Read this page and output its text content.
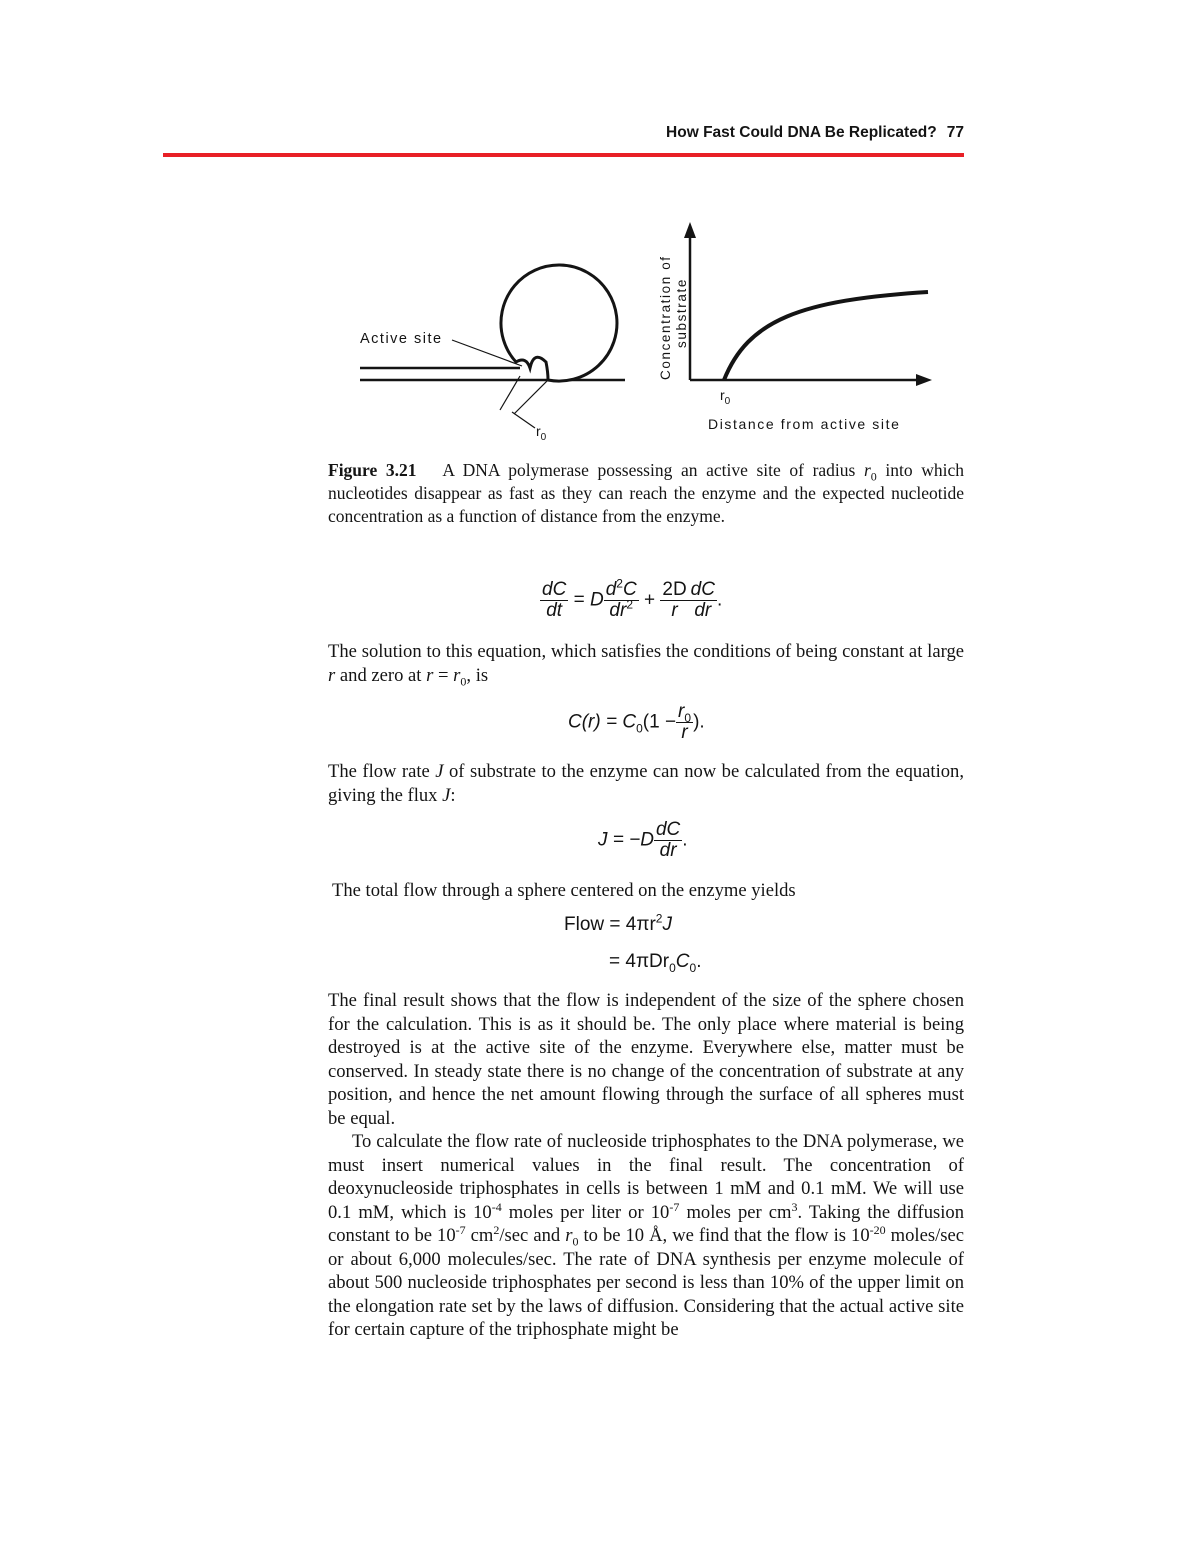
How Fast Could DNA Be Replicated? 77
Active site
$r_0$
Concentration of substrate
$r_0$
Distance from active site
Figure 3.21 A DNA polymerase possessing an active site of radius $r_0$ into which nucleotides disappear as fast as they can reach the enzyme and the expected nucleotide concentration as a function of distance from the enzyme.
$\frac{dC}{dt} = D \frac{d^2C}{dr^2} + \frac{2D}{r} \frac{dC}{dr}$ .
The solution to this equation, which satisfies the conditions of being constant at large r and zero at $r = r_0$, is
$C(r) = C_0(1 - \frac{r_0}{r}$ ).
The flow rate J of substrate to the enzyme can now be calculated from the equation, giving the flux J:
$J = -D \frac{dC}{dr}$ .
The total flow through a sphere centered on the enzyme yields
Flow = $4\pi r^2J$
= $4\pi Dr_0C_0$.
The final result shows that the flow is independent of the size of the sphere chosen for the calculation. This is as it should be. The only place where material is being destroyed is at the active site of the enzyme. Everywhere else, matter must be conserved. In steady state there is no change of the concentration of substrate at any position, and hence the net amount flowing through the surface of all spheres must be equal.
To calculate the flow rate of nucleoside triphosphates to the DNA polymerase, we must insert numerical values in the final result. The concentration of deoxynucleoside triphosphates in cells is between 1 mM and 0.1 mM. We will use 0.1 mM, which is $10^{-4}$ moles per liter or $10^{-7}$ moles per $cm^3$. Taking the diffusion constant to be $10^{-7}$ $cm^2/\sec$ and $r_0$ to be 10 Å, we find that the flow is $10^{-20}$ moles/sec or about 6,000 molecules/sec. The rate of DNA synthesis per enzyme molecule of about 500 nucleoside triphosphates per second is less than 10% of the upper limit on the elongation rate set by the laws of diffusion. Considering that the actual active site for certain capture of the triphosphate might be
